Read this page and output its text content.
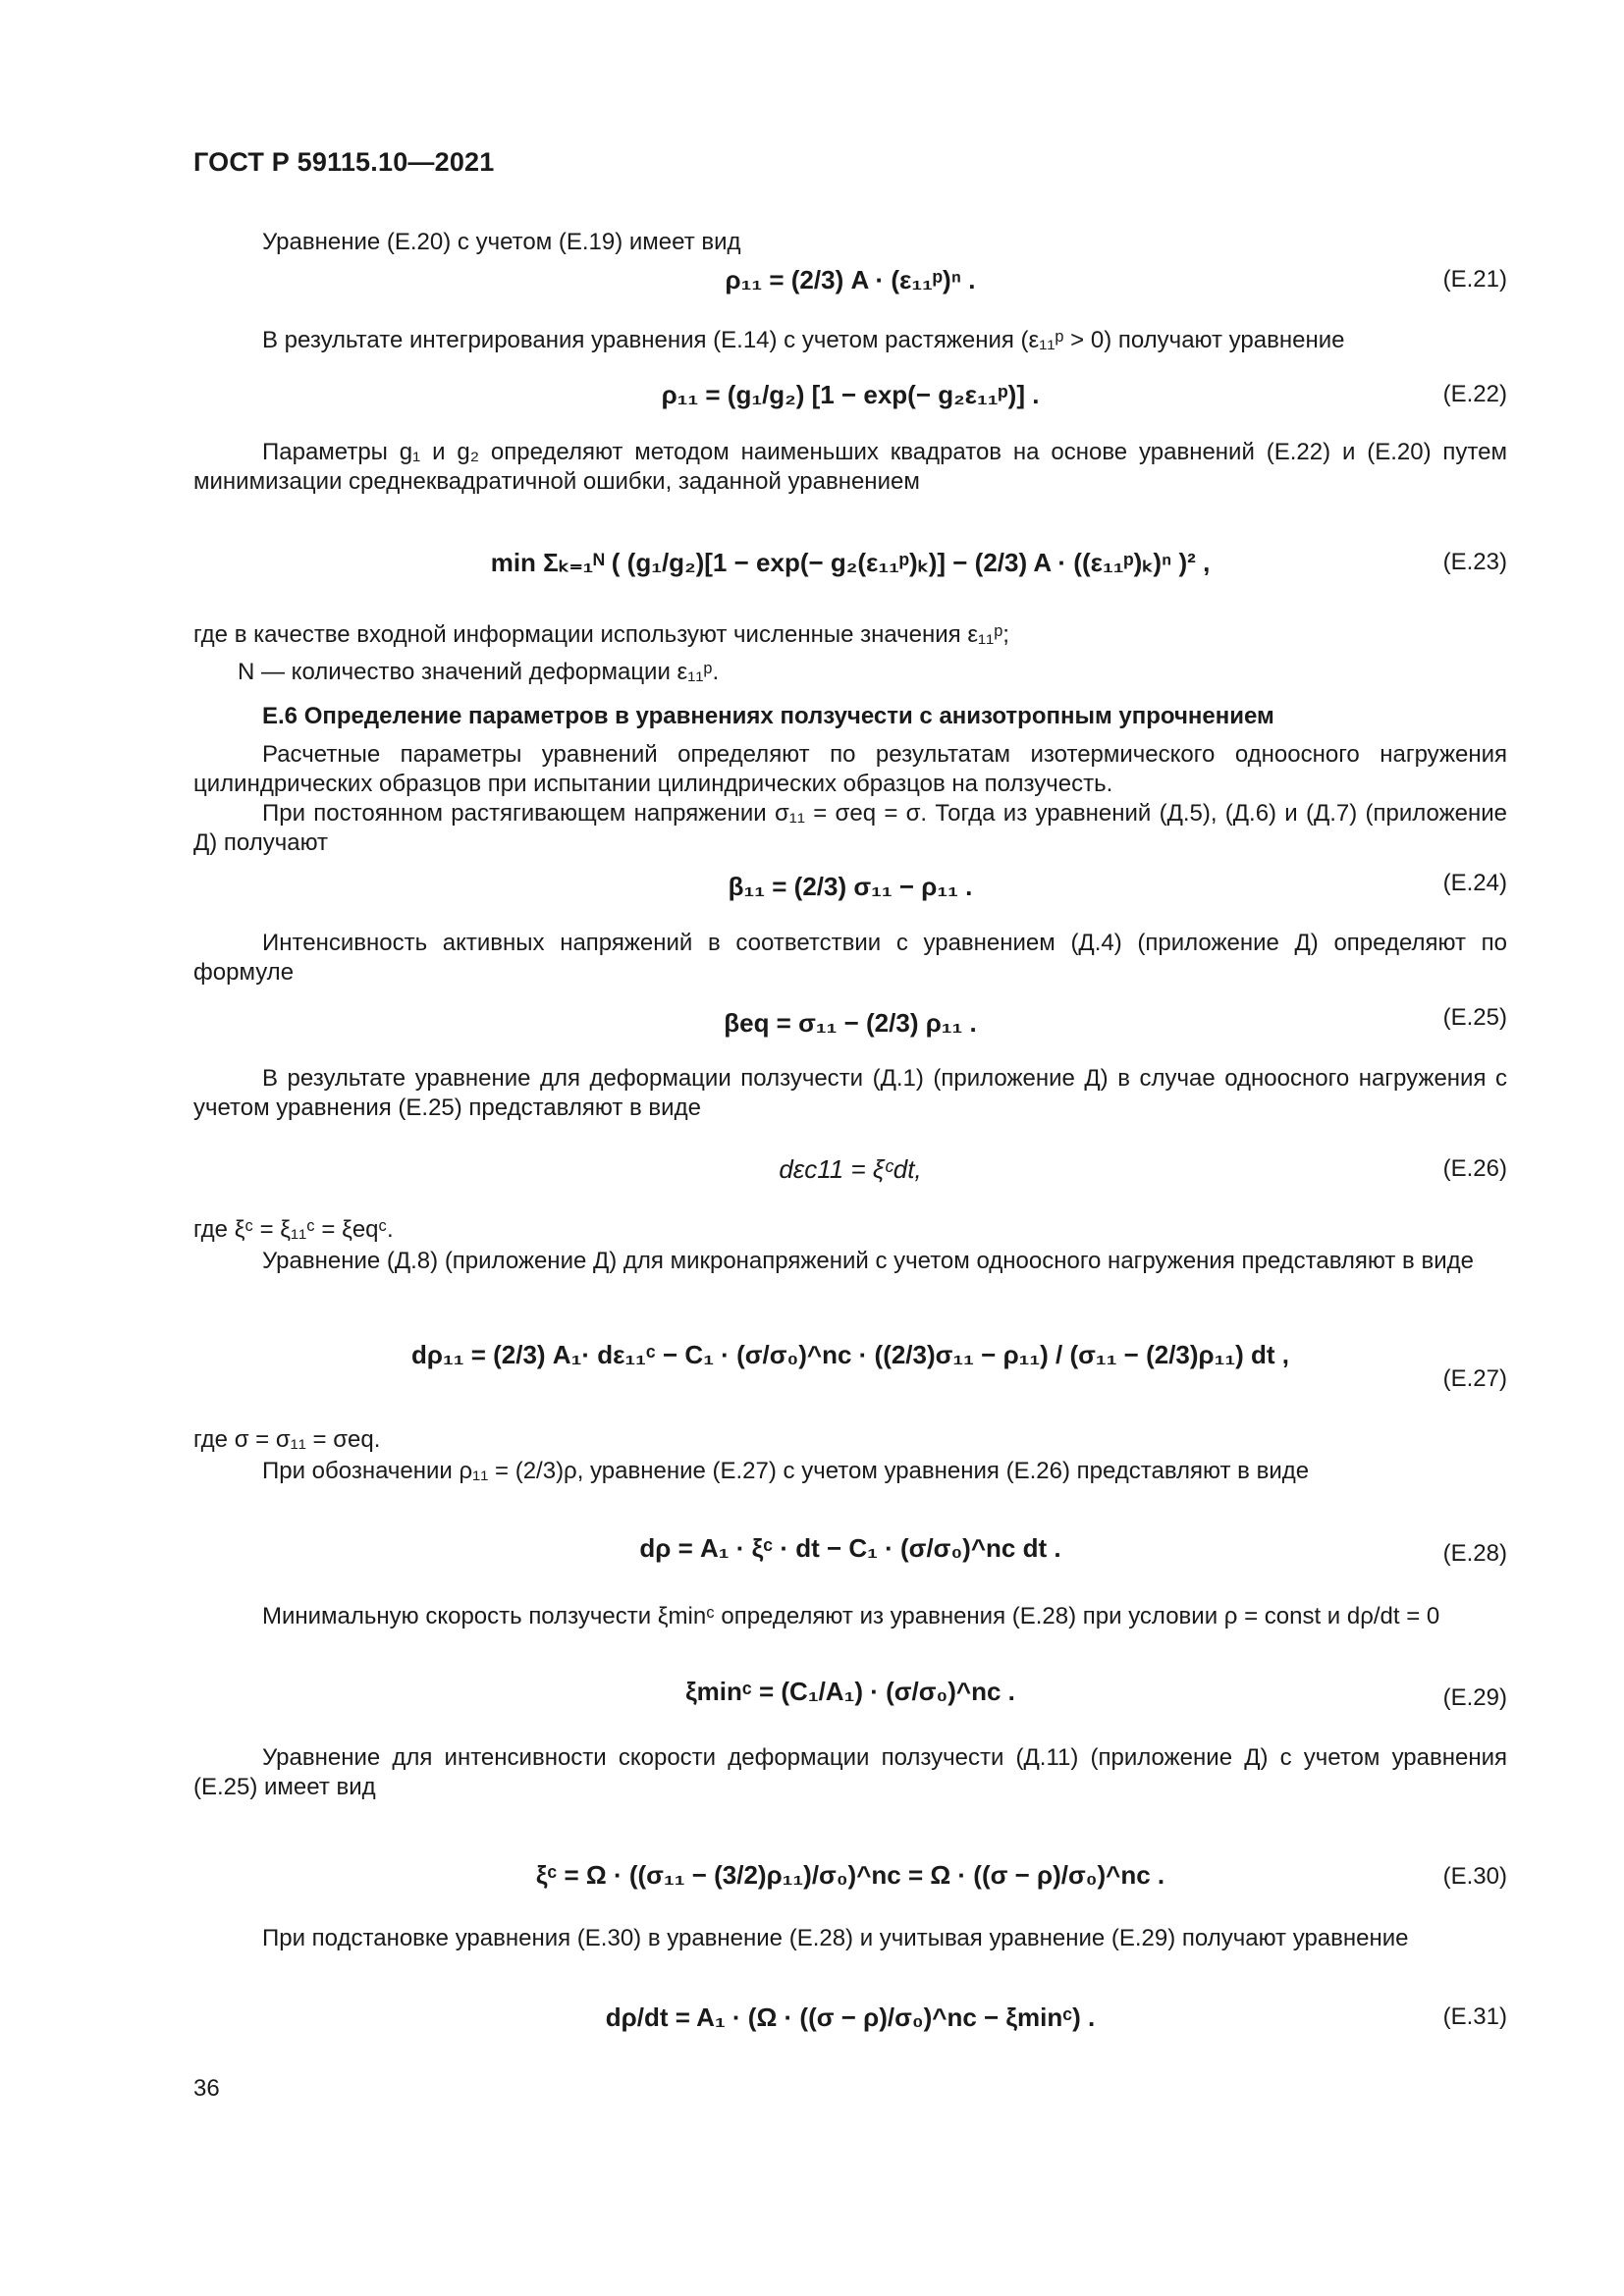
ГОСТ Р 59115.10—2021
Уравнение (Е.20) с учетом (Е.19) имеет вид
ρ₁₁ = (2/3) A · (ε₁₁ᵖ)ⁿ .	(Е.21)
В результате интегрирования уравнения (Е.14) с учетом растяжения (ε₁₁ᵖ > 0) получают уравнение
ρ₁₁ = (g₁/g₂) [1 − exp(− g₂ε₁₁ᵖ)] .	(Е.22)
Параметры g₁ и g₂ определяют методом наименьших квадратов на основе уравнений (Е.22) и (Е.20) путем минимизации среднеквадратичной ошибки, заданной уравнением
min Σₖ₌₁ᴺ ( (g₁/g₂)[1 − exp(− g₂(ε₁₁ᵖ)ₖ)] − (2/3) A · ((ε₁₁ᵖ)ₖ)ⁿ )² ,	(Е.23)
где в качестве входной информации используют численные значения ε₁₁ᵖ;
N — количество значений деформации ε₁₁ᵖ.
Е.6 Определение параметров в уравнениях ползучести с анизотропным упрочнением
Расчетные параметры уравнений определяют по результатам изотермического одноосного нагружения цилиндрических образцов при испытании цилиндрических образцов на ползучесть.
При постоянном растягивающем напряжении σ₁₁ = σeq = σ. Тогда из уравнений (Д.5), (Д.6) и (Д.7) (приложение Д) получают
β₁₁ = (2/3) σ₁₁ − ρ₁₁ .	(Е.24)
Интенсивность активных напряжений в соответствии с уравнением (Д.4) (приложение Д) определяют по формуле
βeq = σ₁₁ − (2/3) ρ₁₁ .	(Е.25)
В результате уравнение для деформации ползучести (Д.1) (приложение Д) в случае одноосного нагружения с учетом уравнения (Е.25) представляют в виде
dεc11 = ξᶜdt,	(Е.26)
где ξᶜ = ξ₁₁ᶜ = ξeqᶜ.
Уравнение (Д.8) (приложение Д) для микронапряжений с учетом одноосного нагружения представляют в виде
dρ₁₁ = (2/3) A₁· dε₁₁ᶜ − C₁ · (σ/σ₀)^nc · ((2/3)σ₁₁ − ρ₁₁) / (σ₁₁ − (2/3)ρ₁₁) dt ,
(Е.27)
где σ = σ₁₁ = σeq.
При обозначении ρ₁₁ = (2/3)ρ, уравнение (Е.27) с учетом уравнения (Е.26) представляют в виде
dρ = A₁ · ξᶜ · dt − C₁ · (σ/σ₀)^nc dt .	(Е.28)
Минимальную скорость ползучести ξminᶜ определяют из уравнения (Е.28) при условии ρ = const и dρ/dt = 0
ξminᶜ = (C₁/A₁) · (σ/σ₀)^nc .	(Е.29)
Уравнение для интенсивности скорости деформации ползучести (Д.11) (приложение Д) с учетом уравнения (Е.25) имеет вид
ξᶜ = Ω · ((σ₁₁ − (3/2)ρ₁₁)/σ₀)^nc = Ω · ((σ − ρ)/σ₀)^nc .	(Е.30)
При подстановке уравнения (Е.30) в уравнение (Е.28) и учитывая уравнение (Е.29) получают уравнение
dρ/dt = A₁ · (Ω · ((σ − ρ)/σ₀)^nc − ξminᶜ) .	(Е.31)
36
